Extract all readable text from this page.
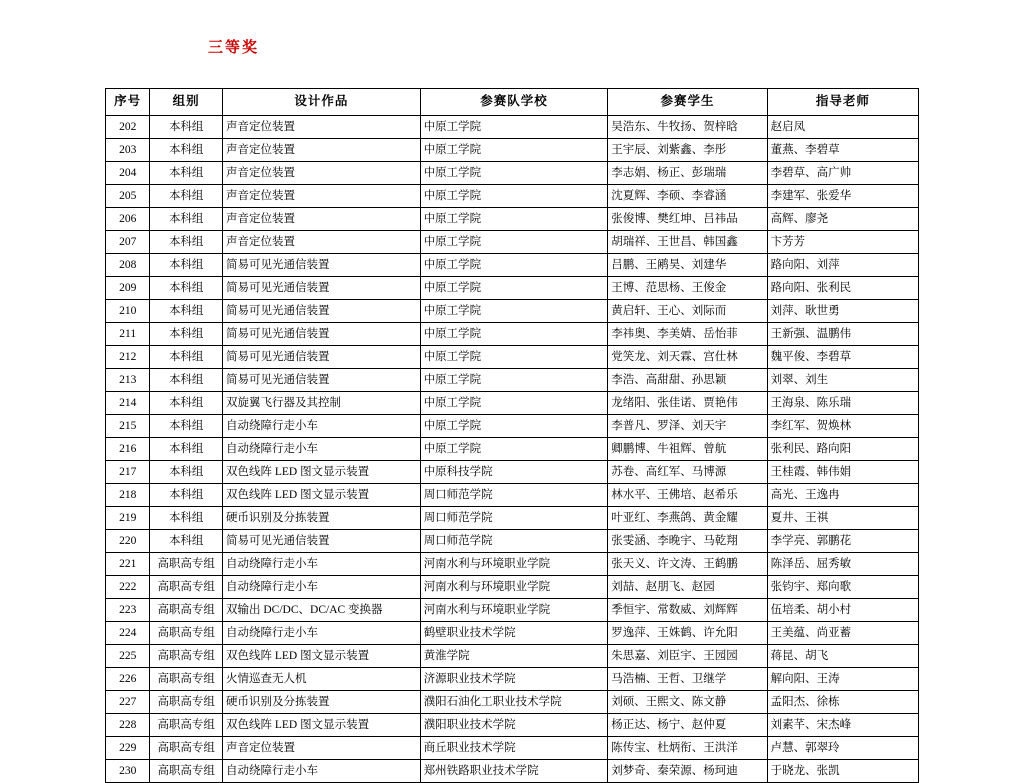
三等奖
序号	组别	设计作品	参赛队学校	参赛学生	指导老师
202	本科组	声音定位装置	中原工学院	吴浩东、牛牧扬、贺梓晗	赵启凤
203	本科组	声音定位装置	中原工学院	王宇辰、刘紫鑫、李彤	董燕、李碧草
204	本科组	声音定位装置	中原工学院	李志娟、杨正、彭瑞瑞	李碧草、高广帅
205	本科组	声音定位装置	中原工学院	沈夏辉、李硕、李睿涵	李建军、张爱华
206	本科组	声音定位装置	中原工学院	张俊博、樊红坤、吕祎品	高辉、廖尧
207	本科组	声音定位装置	中原工学院	胡瑞祥、王世昌、韩国鑫	卞芳芳
208	本科组	简易可见光通信装置	中原工学院	吕鹏、王鹇昊、刘建华	路向阳、刘萍
209	本科组	简易可见光通信装置	中原工学院	王博、范思杨、王俊金	路向阳、张利民
210	本科组	简易可见光通信装置	中原工学院	黄启轩、王心、刘际而	刘萍、耿世勇
211	本科组	简易可见光通信装置	中原工学院	李祎奥、李美婧、岳怡菲	王新强、温鹏伟
212	本科组	简易可见光通信装置	中原工学院	党笑龙、刘天霖、宫仕林	魏平俊、李碧草
213	本科组	简易可见光通信装置	中原工学院	李浩、高甜甜、孙思颖	刘翠、刘生
214	本科组	双旋翼飞行器及其控制	中原工学院	龙绪阳、张佳诺、贾艳伟	王海泉、陈乐瑞
215	本科组	自动绕障行走小车	中原工学院	李普凡、罗泽、刘天宇	李红军、贺焕林
216	本科组	自动绕障行走小车	中原工学院	卿鹏博、牛祖辉、曾航	张利民、路向阳
217	本科组	双色线阵 LED 图文显示装置	中原科技学院	苏卷、高红军、马博源	王桂霞、韩伟娟
218	本科组	双色线阵 LED 图文显示装置	周口师范学院	林水平、王佛培、赵希乐	高光、王逸冉
219	本科组	硬币识别及分拣装置	周口师范学院	叶亚红、李燕鸽、黄金耀	夏井、王祺
220	本科组	简易可见光通信装置	周口师范学院	张雯涵、李晚宇、马乾翔	李学亮、郭鹏花
221	高职高专组	自动绕障行走小车	河南水利与环境职业学院	张天义、许文涛、王鹤鹏	陈泽岳、屈秀敏
222	高职高专组	自动绕障行走小车	河南水利与环境职业学院	刘喆、赵朋飞、赵园	张钧宇、郑向歌
223	高职高专组	双输出 DC/DC、DC/AC 变换器	河南水利与环境职业学院	季恒宇、常数威、刘辉辉	伍培柔、胡小村
224	高职高专组	自动绕障行走小车	鹤壁职业技术学院	罗逸萍、王姝鹤、许允阳	王美蕴、尚亚蓄
225	高职高专组	双色线阵 LED 图文显示装置	黄淮学院	朱思嘉、刘臣宇、王园园	蒋昆、胡飞
226	高职高专组	火情巡查无人机	济源职业技术学院	马浩楠、王哲、卫继学	解向阳、王涛
227	高职高专组	硬币识别及分拣装置	濮阳石油化工职业技术学院	刘硕、王熙文、陈文静	孟阳杰、徐栋
228	高职高专组	双色线阵 LED 图文显示装置	濮阳职业技术学院	杨正达、杨宁、赵仲夏	刘素芊、宋杰峰
229	高职高专组	声音定位装置	商丘职业技术学院	陈传宝、杜炳衔、王洪洋	卢慧、郭翠玲
230	高职高专组	自动绕障行走小车	郑州铁路职业技术学院	刘梦奇、秦荣源、杨珂迪	于晓龙、张凯
